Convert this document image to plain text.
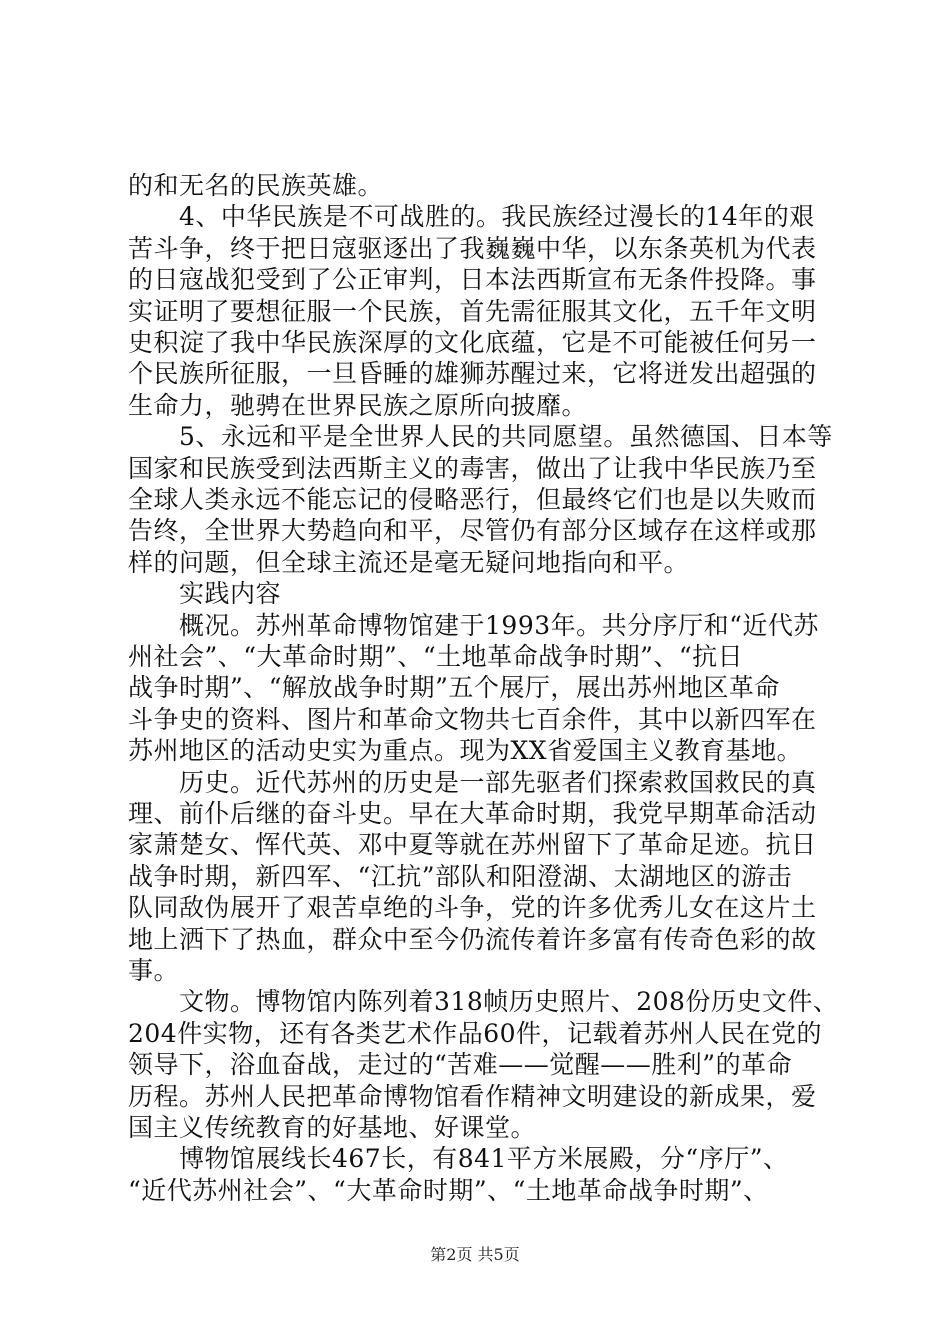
的和无名的民族英雄。
　　4、中华民族是不可战胜的。我民族经过漫长的14年的艰
苦斗争，终于把日寇驱逐出了我巍巍中华，以东条英机为代表
的日寇战犯受到了公正审判，日本法西斯宣布无条件投降。事
实证明了要想征服一个民族，首先需征服其文化，五千年文明
史积淀了我中华民族深厚的文化底蕴，它是不可能被任何另一
个民族所征服，一旦昏睡的雄狮苏醒过来，它将迸发出超强的
生命力，驰骋在世界民族之原所向披靡。
　　5、永远和平是全世界人民的共同愿望。虽然德国、日本等
国家和民族受到法西斯主义的毒害，做出了让我中华民族乃至
全球人类永远不能忘记的侵略恶行，但最终它们也是以失败而
告终，全世界大势趋向和平，尽管仍有部分区域存在这样或那
样的问题，但全球主流还是毫无疑问地指向和平。
　　实践内容
　　概况。苏州革命博物馆建于1993年。共分序厅和“近代苏
州社会”、“大革命时期”、“土地革命战争时期”、“抗日
战争时期”、“解放战争时期”五个展厅，展出苏州地区革命
斗争史的资料、图片和革命文物共七百余件，其中以新四军在
苏州地区的活动史实为重点。现为XX省爱国主义教育基地。
　　历史。近代苏州的历史是一部先驱者们探索救国救民的真
理、前仆后继的奋斗史。早在大革命时期，我党早期革命活动
家萧楚女、恽代英、邓中夏等就在苏州留下了革命足迹。抗日
战争时期，新四军、“江抗”部队和阳澄湖、太湖地区的游击
队同敌伪展开了艰苦卓绝的斗争，党的许多优秀儿女在这片土
地上洒下了热血，群众中至今仍流传着许多富有传奇色彩的故
事。
　　文物。博物馆内陈列着318帧历史照片、208份历史文件、
204件实物，还有各类艺术作品60件，记载着苏州人民在党的
领导下，浴血奋战，走过的“苦难——觉醒——胜利”的革命
历程。苏州人民把革命博物馆看作精神文明建设的新成果，爱
国主义传统教育的好基地、好课堂。
　　博物馆展线长467长，有841平方米展殿，分“序厅”、
“近代苏州社会”、“大革命时期”、“土地革命战争时期”、
第2页 共5页
